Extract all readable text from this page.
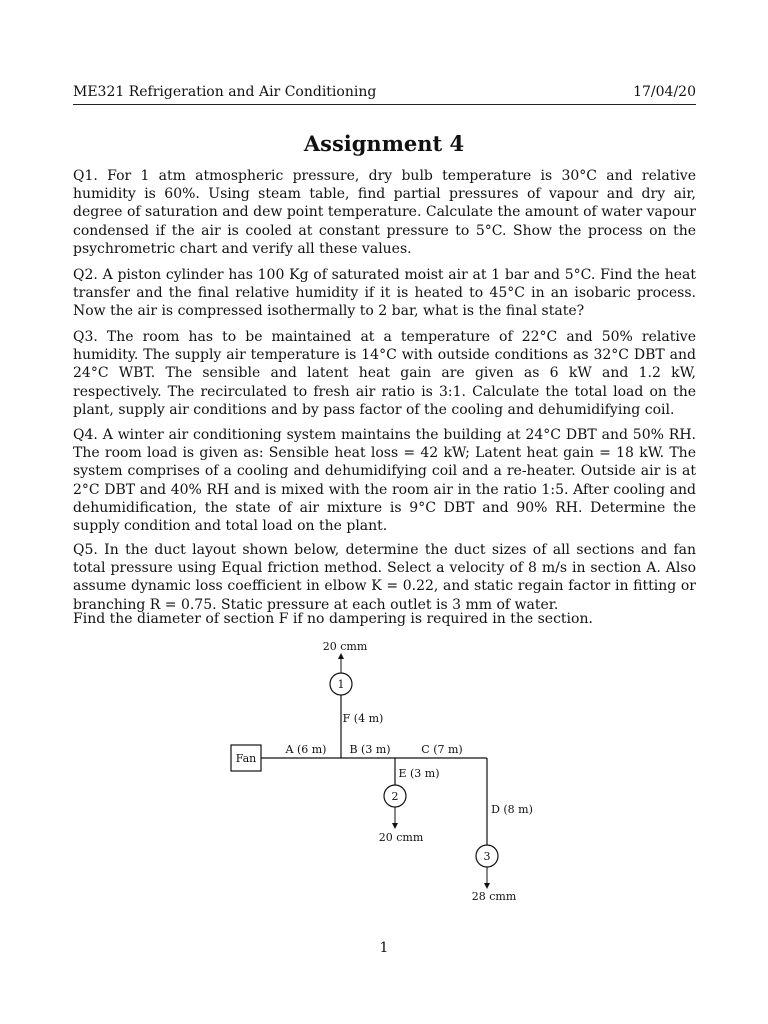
ME321 Refrigeration and Air Conditioning	17/04/20
Assignment 4

Q1. For 1 atm atmospheric pressure, dry bulb temperature is 30°C and relative humidity is 60%. Using steam table, find partial pressures of vapour and dry air, degree of saturation and dew point temperature. Calculate the amount of water vapour condensed if the air is cooled at constant pressure to 5°C. Show the process on the psychrometric chart and verify all these values.

Q2. A piston cylinder has 100 Kg of saturated moist air at 1 bar and 5°C. Find the heat transfer and the final relative humidity if it is heated to 45°C in an isobaric process. Now the air is compressed isothermally to 2 bar, what is the final state?

Q3. The room has to be maintained at a temperature of 22°C and 50% relative humidity. The supply air temperature is 14°C with outside conditions as 32°C DBT and 24°C WBT. The sensible and latent heat gain are given as 6 kW and 1.2 kW, respectively. The recirculated to fresh air ratio is 3:1. Calculate the total load on the plant, supply air conditions and by pass factor of the cooling and dehumidifying coil.

Q4. A winter air conditioning system maintains the building at 24°C DBT and 50% RH. The room load is given as: Sensible heat loss = 42 kW; Latent heat gain = 18 kW. The system comprises of a cooling and dehumidifying coil and a re-heater. Outside air is at 2°C DBT and 40% RH and is mixed with the room air in the ratio 1:5. After cooling and dehumidification, the state of air mixture is 9°C DBT and 90% RH. Determine the supply condition and total load on the plant.

Q5. In the duct layout shown below, determine the duct sizes of all sections and fan total pressure using Equal friction method. Select a velocity of 8 m/s in section A. Also assume dynamic loss coefficient in elbow K = 0.22, and static regain factor in fitting or branching R = 0.75. Static pressure at each outlet is 3 mm of water.

Find the diameter of section F if no dampering is required in the section.

Fan
1
20 cmm
2
20 cmm
3
28 cmm
A (6 m) B (3 m)	C (7 m)
F (4 m)
E (3 m)
D (8 m)
1
